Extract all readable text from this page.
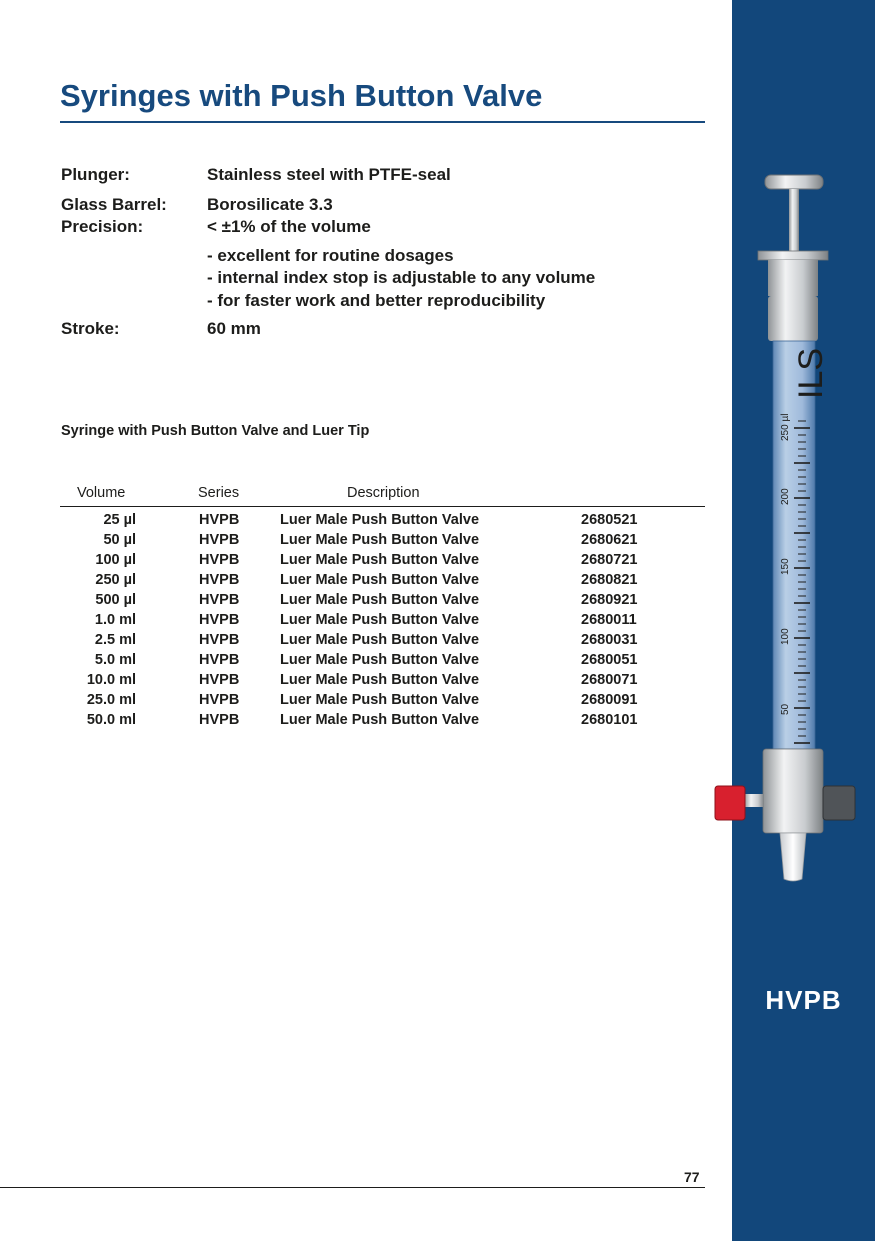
HVPB
Syringes with Push Button Valve
Plunger:	Stainless steel with PTFE-seal
Glass Barrel: Borosilicate 3.3
Precision:	< ±1% of the volume
- excellent for routine dosages
- internal index stop is adjustable to any volume
- for faster work and better reproducibility
Stroke:	60 mm
Syringe with Push Button Valve and Luer Tip
Volume	Series	Description
25 µl	HVPB	Luer Male Push Button Valve	2680521
50 µl	HVPB	Luer Male Push Button Valve	2680621
100 µl	HVPB	Luer Male Push Button Valve	2680721
250 µl	HVPB	Luer Male Push Button Valve	2680821
500 µl	HVPB	Luer Male Push Button Valve	2680921
1.0 ml	HVPB	Luer Male Push Button Valve	2680011
2.5 ml	HVPB	Luer Male Push Button Valve	2680031
5.0 ml	HVPB	Luer Male Push Button Valve	2680051
10.0 ml	HVPB	Luer Male Push Button Valve	2680071
25.0 ml	HVPB	Luer Male Push Button Valve	2680091
50.0 ml	HVPB	Luer Male Push Button Valve	2680101
ILS
50
100
150
200
250 µl
77
